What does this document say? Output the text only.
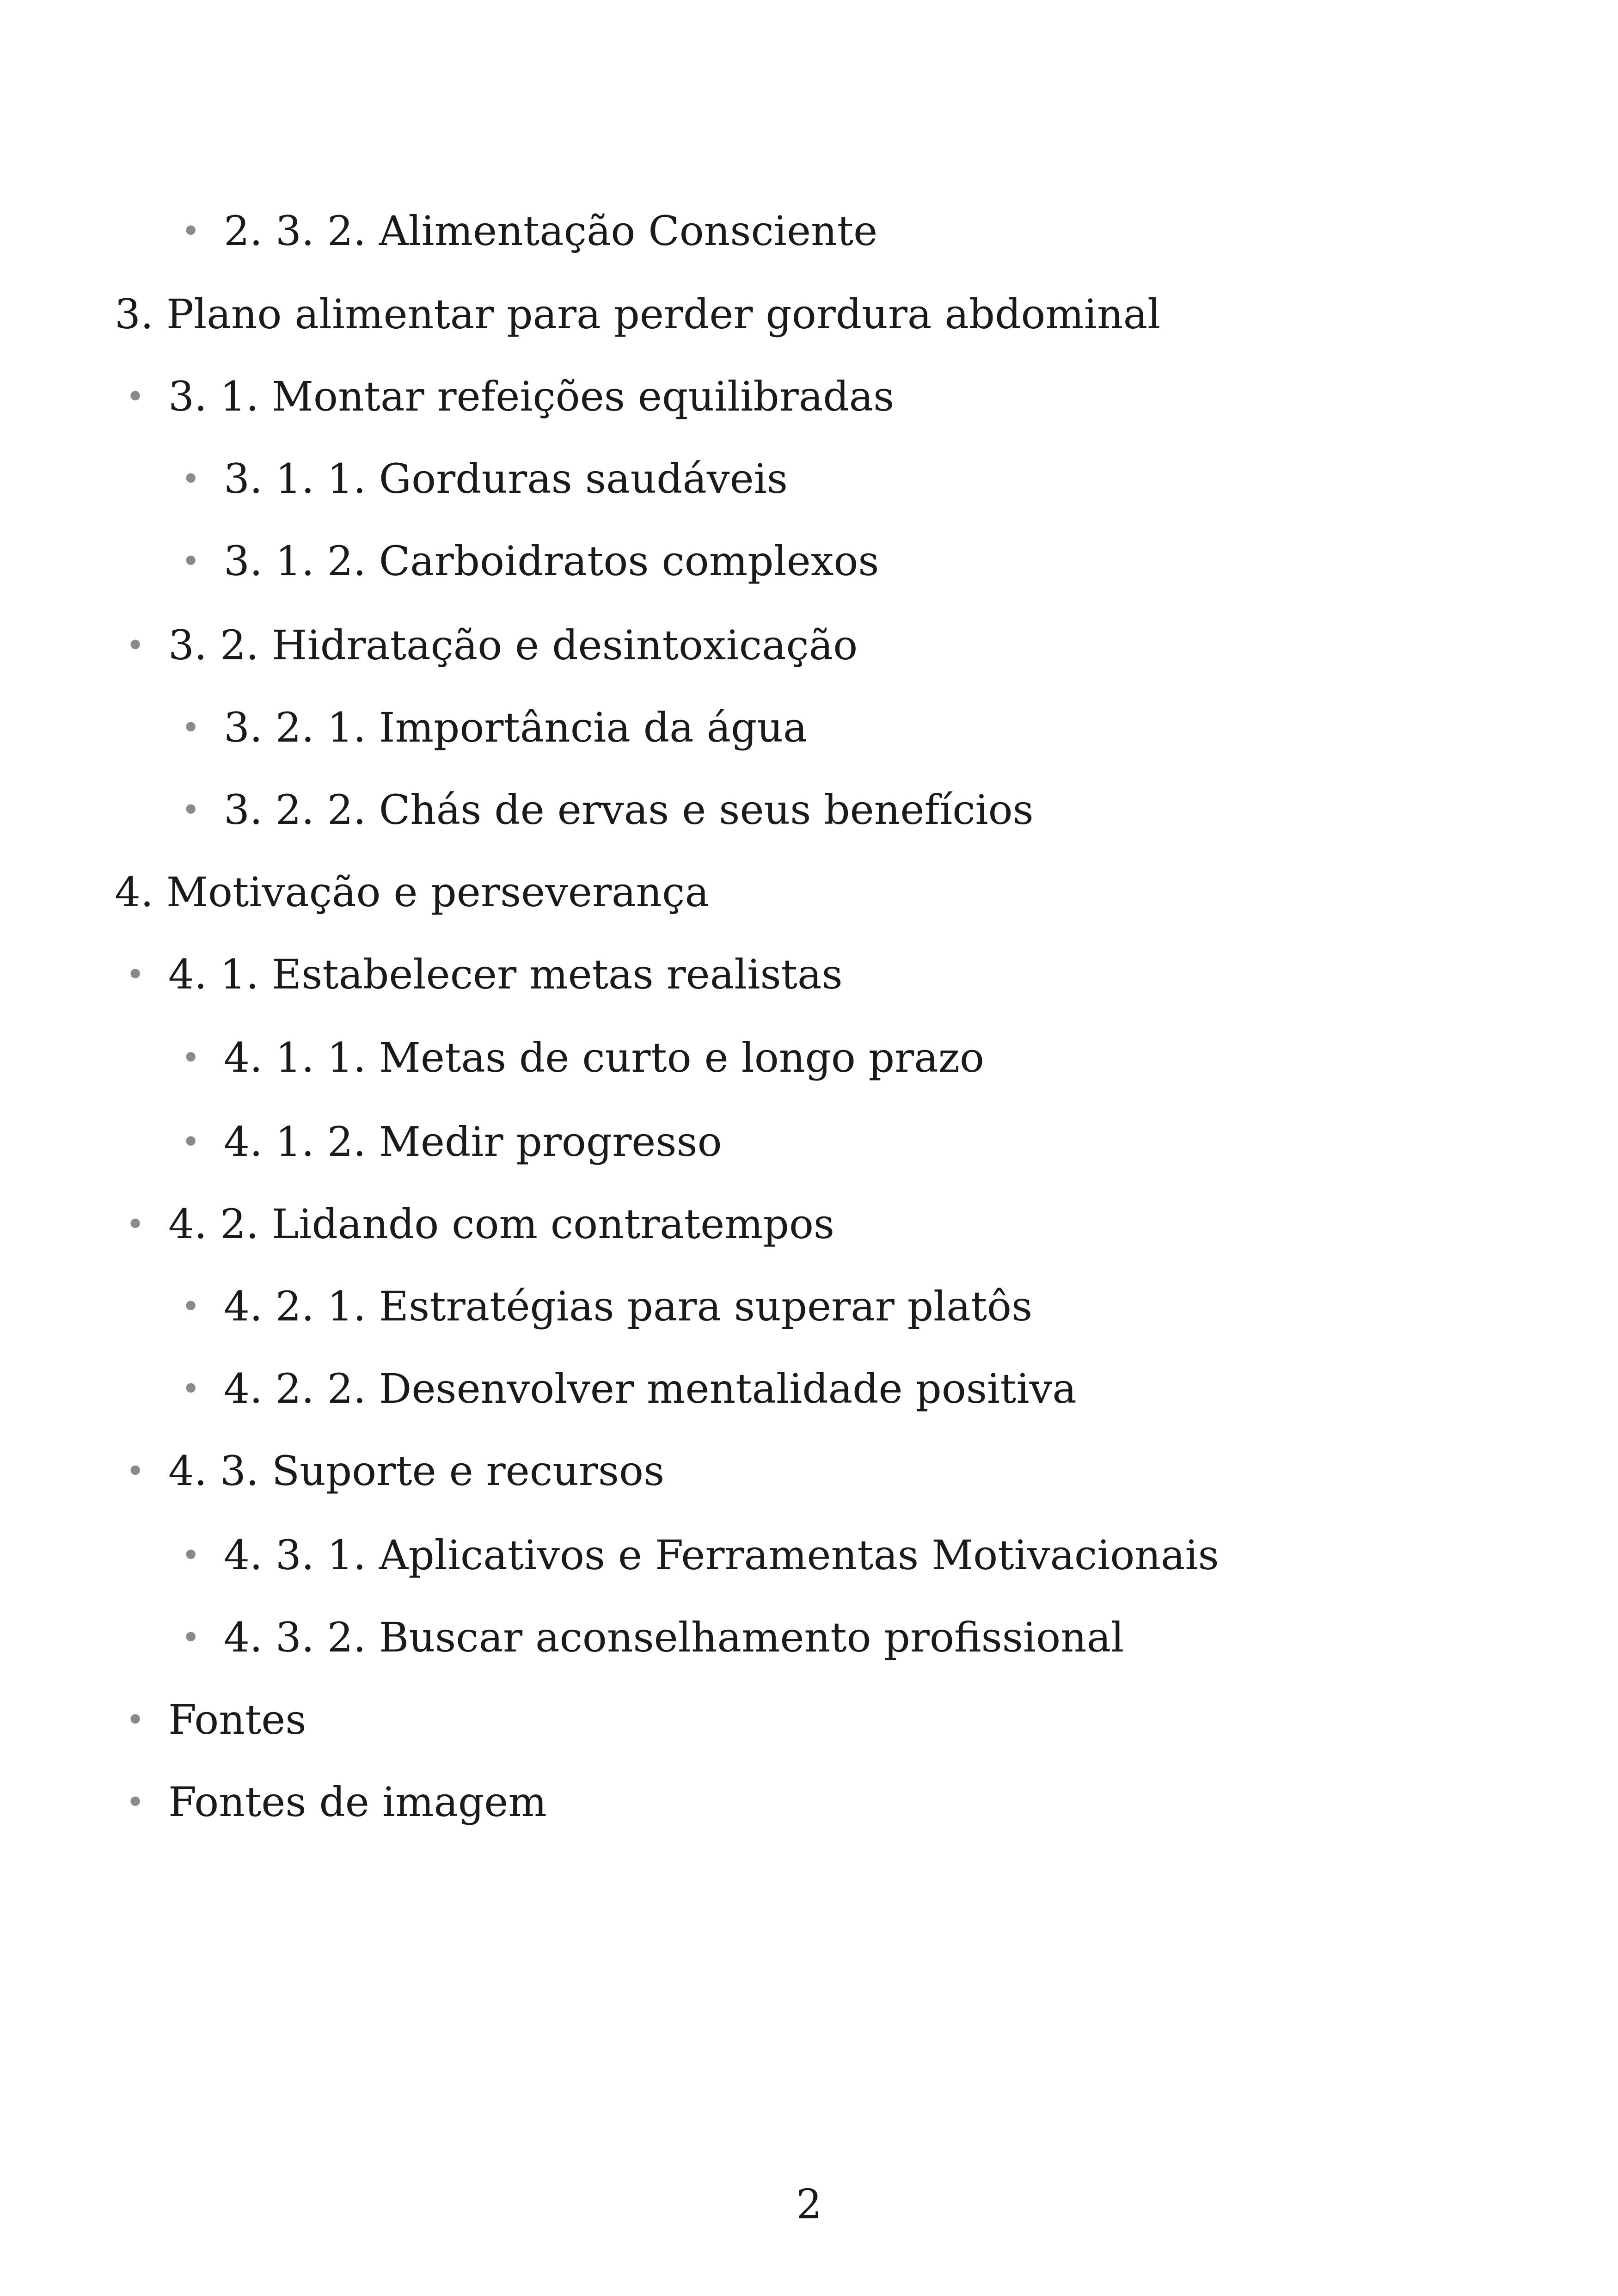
• 2. 3. 2. Alimentação Consciente
3. Plano alimentar para perder gordura abdominal
• 3. 1. Montar refeições equilibradas
• 3. 1. 1. Gorduras saudáveis
• 3. 1. 2. Carboidratos complexos
• 3. 2. Hidratação e desintoxicação
• 3. 2. 1. Importância da água
• 3. 2. 2. Chás de ervas e seus benefícios
4. Motivação e perseverança
• 4. 1. Estabelecer metas realistas
• 4. 1. 1. Metas de curto e longo prazo
• 4. 1. 2. Medir progresso
• 4. 2. Lidando com contratempos
• 4. 2. 1. Estratégias para superar platôs
• 4. 2. 2. Desenvolver mentalidade positiva
• 4. 3. Suporte e recursos
• 4. 3. 1. Aplicativos e Ferramentas Motivacionais
• 4. 3. 2. Buscar aconselhamento profissional
• Fontes
• Fontes de imagem
2
